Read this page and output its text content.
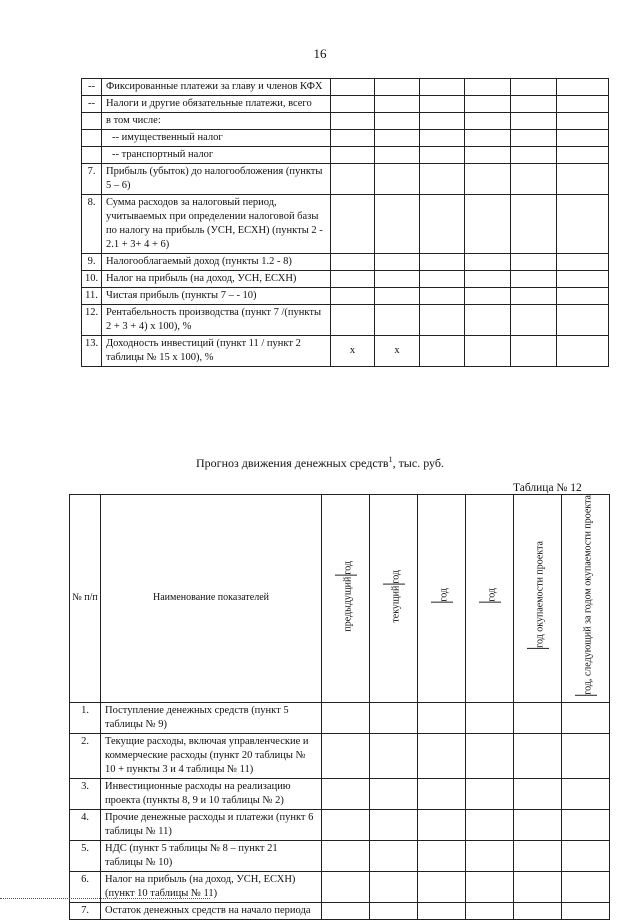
16
--	Фиксированные платежи за главу и членов КФХ						
--	Налоги и другие обязательные платежи, всего						
	в том числе:						
	-- имущественный налог						
	-- транспортный налог						
7.	Прибыль (убыток) до налогообложения (пункты 5 – 6)						
8.	Сумма расходов за налоговый период, учитываемых при определении налоговой базы по налогу на прибыль (УСН, ЕСХН) (пункты 2 - 2.1 + 3+ 4 + 6)						
9.	Налогооблагаемый доход (пункты 1.2 - 8)						
10.	Налог на прибыль (на доход, УСН, ЕСХН)						
11.	Чистая прибыль (пункты 7 – - 10)						
12.	Рентабельность производства (пункт 7 /(пункты 2 + 3 + 4) x 100), %						
13.	Доходность инвестиций (пункт 11 / пункт 2 таблицы № 15 x 100), %	x	x				
Прогноз движения денежных средств$^1$, тыс. руб.
Таблица № 12
№ п/п	Наименование показателей	предыдущийгод	текущийгод	год	год	год окупаемости проекта	год, следующий за годом окупаемости проекта
1.	Поступление денежных средств (пункт 5 таблицы № 9)						
2.	Текущие расходы, включая управленческие и коммерческие расходы (пункт 20 таблицы № 10 + пункты 3 и 4 таблицы № 11)						
3.	Инвестиционные расходы на реализацию проекта (пункты 8, 9 и 10 таблицы № 2)						
4.	Прочие денежные расходы и платежи (пункт 6 таблицы № 11)						
5.	НДС (пункт 5 таблицы № 8 – пункт 21 таблицы № 10)						
6.	Налог на прибыль (на доход, УСН, ЕСХН) (пункт 10 таблицы № 11)						
7.	Остаток денежных средств на начало периода						
